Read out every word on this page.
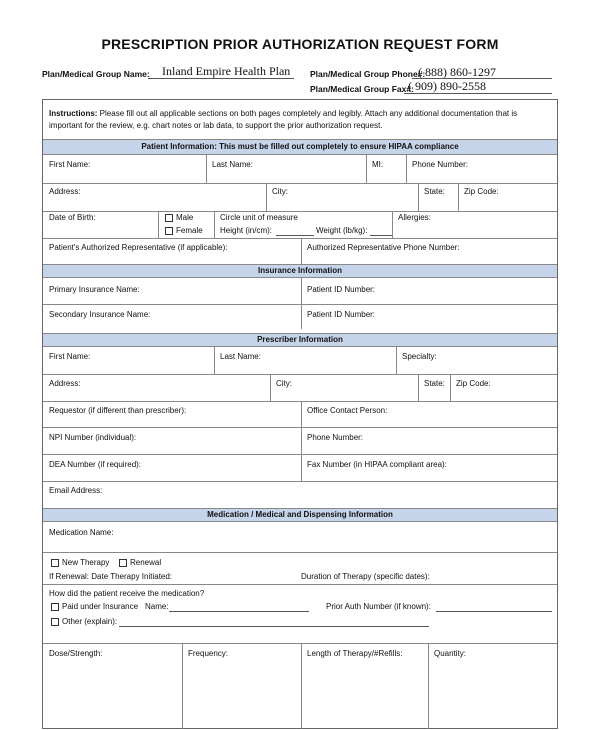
PRESCRIPTION PRIOR AUTHORIZATION REQUEST FORM
Plan/Medical Group Name: Inland Empire Health Plan Plan/Medical Group Phone#:
( 888) 860-1297
Plan/Medical Group Fax#:
( 909) 890-2558
Instructions: Please fill out all applicable sections on both pages completely and legibly. Attach any additional documentation that is important for the review, e.g. chart notes or lab data, to support the prior authorization request.
Patient Information: This must be filled out completely to ensure HIPAA compliance
First Name:	Last Name:	MI:	Phone Number:
Address:	City:	State: Zip Code:
Date of Birth:	Male
Female
Circle unit of measure
Height (in/cm):	Weight (lb/kg):
Allergies:
Patient's Authorized Representative (if applicable):	Authorized Representative Phone Number:
Insurance Information
Primary Insurance Name:	Patient ID Number:
Secondary Insurance Name:	Patient ID Number:
Prescriber Information
First Name:	Last Name:	Specialty:
Address:	City:	State: Zip Code:
Requestor (if different than prescriber):	Office Contact Person:
NPI Number (individual):	Phone Number:
DEA Number (if required):	Fax Number (in HIPAA compliant area):
Email Address:
Medication / Medical and Dispensing Information
Medication Name:
New Therapy	Renewal
If Renewal: Date Therapy Initiated:	Duration of Therapy (specific dates):
How did the patient receive the medication?
Paid under Insurance Name:	Prior Auth Number (if known):
Other (explain):
Dose/Strength:	Frequency:	Length of Therapy/#Refills:	Quantity:
